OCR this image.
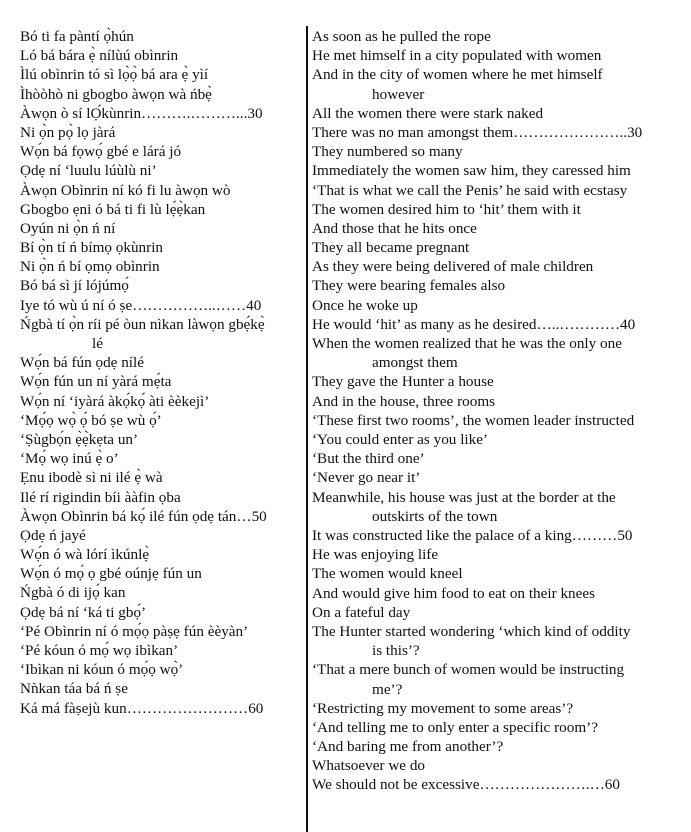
Bó ti fa pàntí ọ̀hún
Ló bá bára ẹ̀ nílùú obìnrin
Ìlú obìnrin tó sì lọ̀ọ̀ bá ara ẹ̀ yìí
Ìhòòhò ni gbogbo àwọn wà ńbẹ̀
Àwọn ò sí lỌ́kùnrin……….………...30
Ni ọ̀n pọ̀ lọ jàrá
Wọ́n bá fọwọ́ gbé e lárá jó
Ọdẹ ní ‘luulu lúùlù ni’
Àwọn Obìnrin ní kó fi lu àwọn wò
Gbogbo ẹni ó bá ti fi lù lẹ́ẹ̀kan
Oyún ni ọ̀n ń ní
Bí ọ̀n tí ń bímọ ọkùnrin
Ni ọ̀n ń bí ọmọ obìnrin
Bó bá sì jí lójúmọ́
Iye tó wù ú ní ó ṣe……………..……40
Ńgbà tí ọ̀n ríi pé òun nìkan làwọn gbẹ́kẹ̀
lé
Wọ́n bá fún ọdẹ nílé
Wọ́n fún un ní yàrá mẹ́ta
Wọ́n ní ‘iyàrá àkọ́kọ́ àti èèkejì’
‘Mọ́ọ wọ̀ ọ́ bó ṣe wù ọ́’
‘Ṣùgbọ́n ẹ̀ẹ̀kẹta un’
‘Mọ́ wọ inú ẹ̀ o’
Ẹnu ibodè sì ni ilé ẹ̀ wà
Ilé rí rigindin bíi ààfin ọba
Àwọn Obìnrin bá kọ́ ilé fún ọdẹ tán…50
Ọdẹ ń jayé
Wọ́n ó wà lórí ìkúnlẹ̀
Wọ́n ó mọ́ ọ gbé oúnjẹ fún un
Ńgbà ó di ijọ́ kan
Ọdẹ bá ní ‘ká ti gbọ́’
‘Pé Obìnrin ní ó mọ́ọ pàṣẹ fún èèyàn’
‘Pé kóun ó mọ́ wọ ibìkan’
‘Ibìkan ni kóun ó mọ́ọ wọ̀’
Nǹkan táa bá ń ṣe
Ká má fàṣejù kun……………………60
As soon as he pulled the rope
He met himself in a city populated with women
And in the city of women where he met himself
however
All the women there were stark naked
There was no man amongst them…………………..30
They numbered so many
Immediately the women saw him, they caressed him
‘That is what we call the Penis’ he said with ecstasy
The women desired him to ‘hit’ them with it
And those that he hits once
They all became pregnant
As they were being delivered of male children
They were bearing females also
Once he woke up
He would ‘hit’ as many as he desired…..…………40
When the women realized that he was the only one
amongst them
They gave the Hunter a house
And in the house, three rooms
‘These first two rooms’, the women leader instructed
‘You could enter as you like’
‘But the third one’
‘Never go near it’
Meanwhile, his house was just at the border at the
outskirts of the town
It was constructed like the palace of a king………50
He was enjoying life
The women would kneel
And would give him food to eat on their knees
On a fateful day
The Hunter started wondering ‘which kind of oddity
is this’?
‘That a mere bunch of women would be instructing
me’?
‘Restricting my movement to some areas’?
‘And telling me to only enter a specific room’?
‘And baring me from another’?
Whatsoever we do
We should not be excessive………………….…60
